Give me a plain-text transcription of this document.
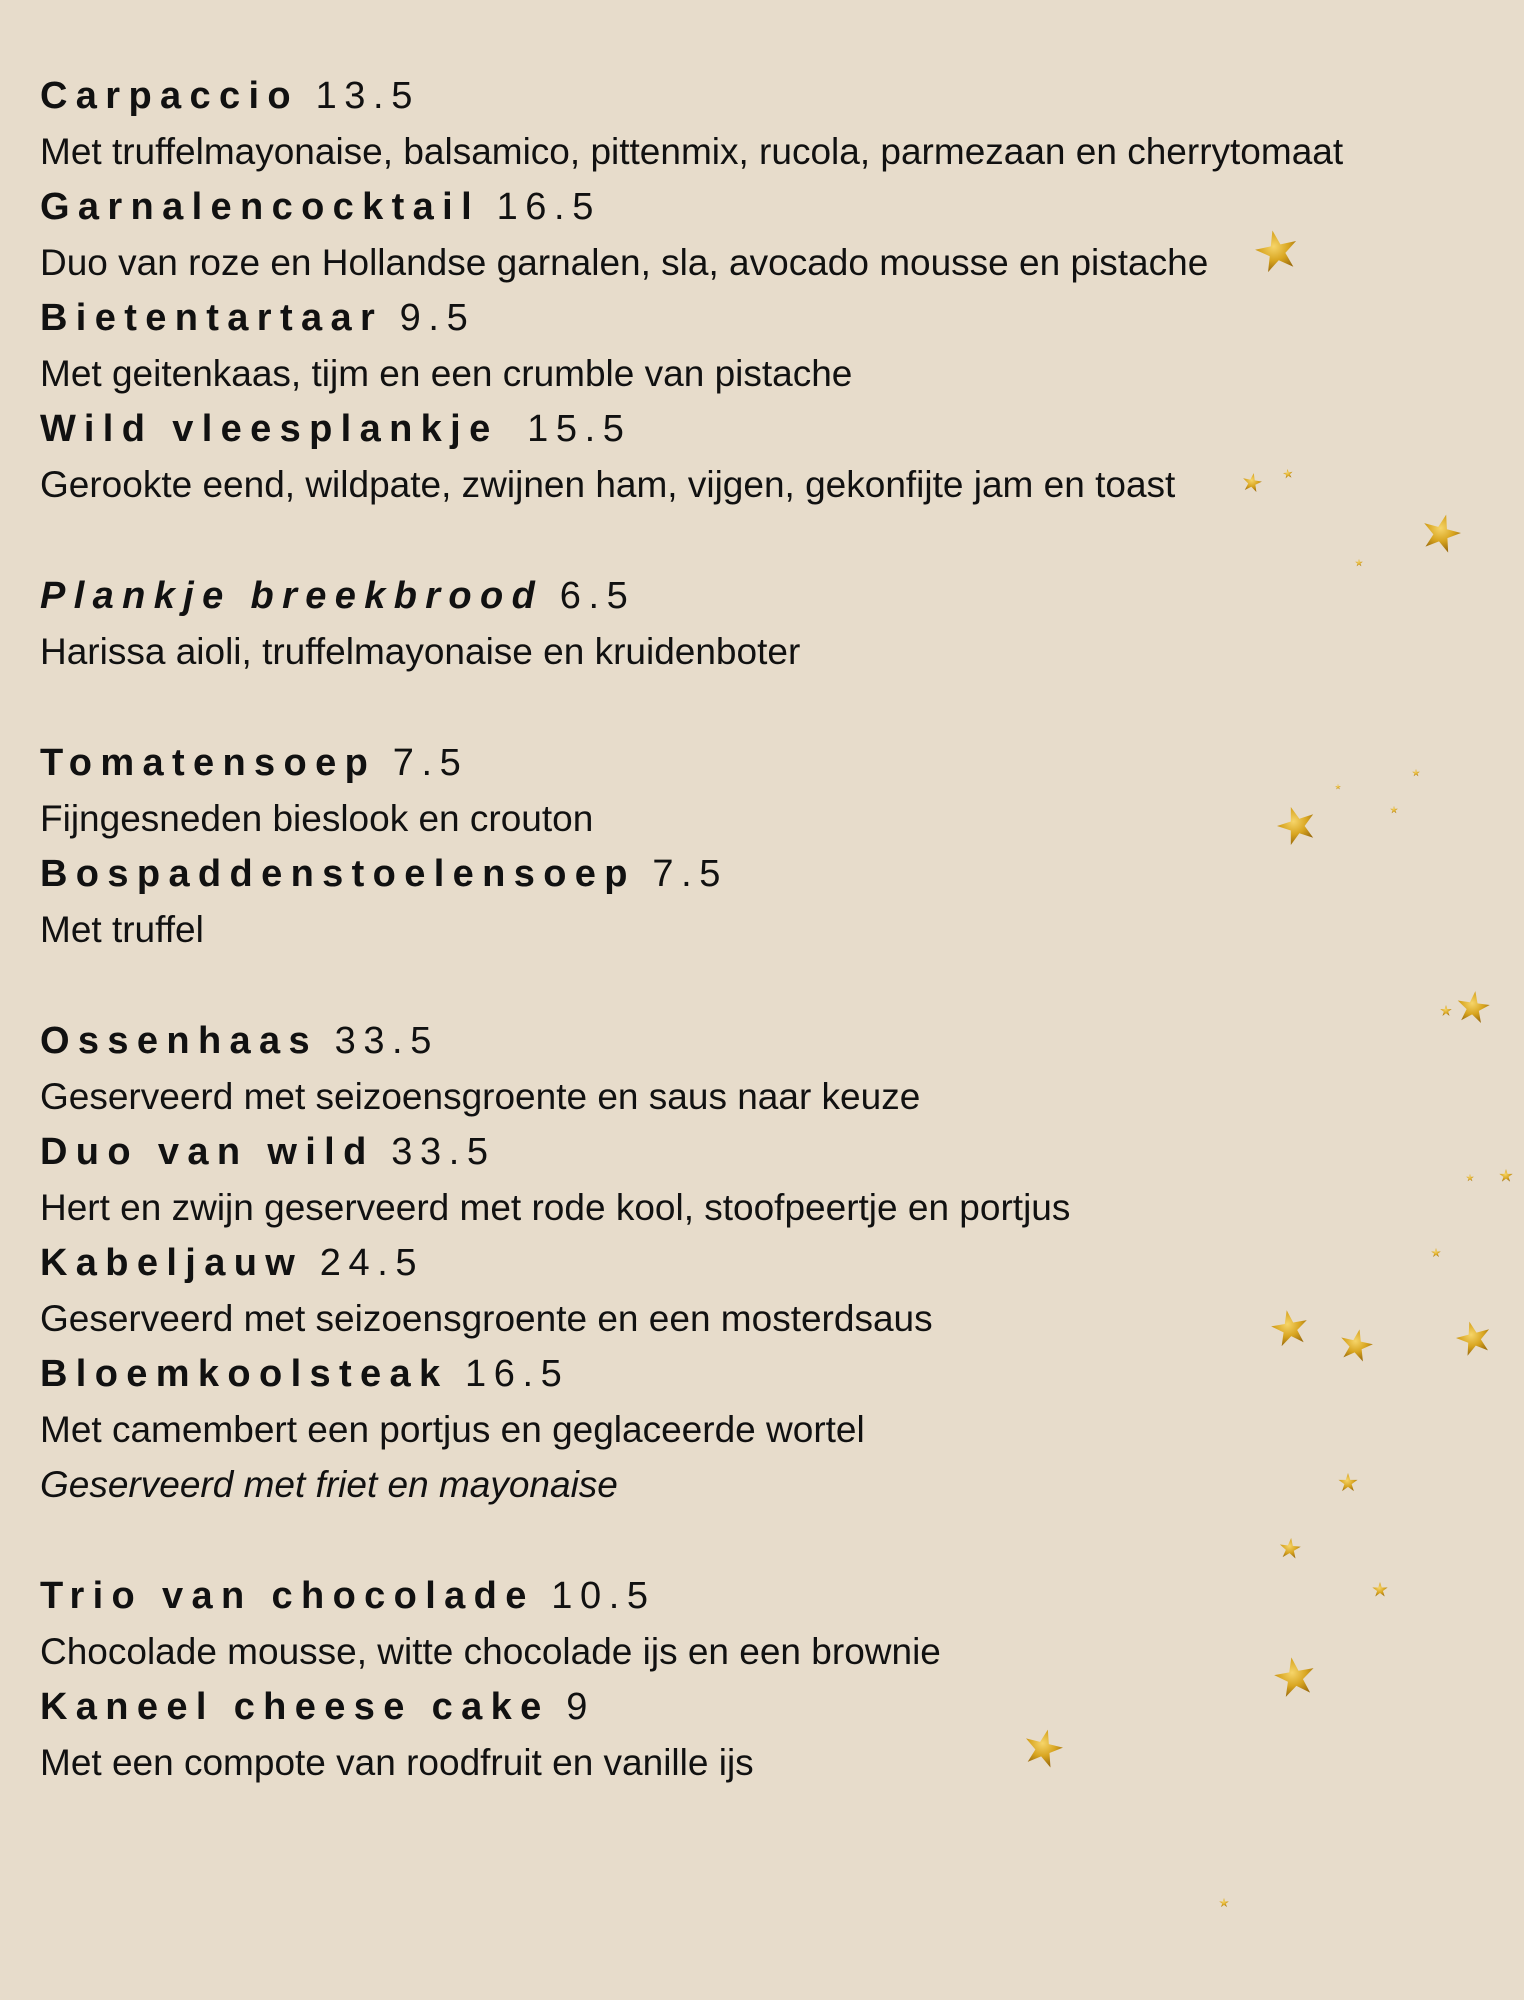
Carpaccio 13.5

Met truffelmayonaise, balsamico, pittenmix, rucola, parmezaan en cherrytomaat

Garnalencocktail 16.5

Duo van roze en Hollandse garnalen, sla, avocado mousse en pistache

Bietentartaar 9.5

Met geitenkaas, tijm en een crumble van pistache

Wild vleesplankje 15.5

Gerookte eend, wildpate, zwijnen ham, vijgen, gekonfijte jam en toast

Plankje breekbrood 6.5

Harissa aioli, truffelmayonaise en kruidenboter

Tomatensoep 7.5

Fijngesneden bieslook en crouton

Bospaddenstoelensoep 7.5

Met truffel

Ossenhaas 33.5

Geserveerd met seizoensgroente en saus naar keuze

Duo van wild 33.5

Hert en zwijn geserveerd met rode kool, stoofpeertje en portjus

Kabeljauw 24.5

Geserveerd met seizoensgroente en een mosterdsaus

Bloemkoolsteak 16.5

Met camembert een portjus en geglaceerde wortel

Geserveerd met friet en mayonaise

Trio van chocolade 10.5

Chocolade mousse, witte chocolade ijs en een brownie

Kaneel cheese cake 9

Met een compote van roodfruit en vanille ijs
